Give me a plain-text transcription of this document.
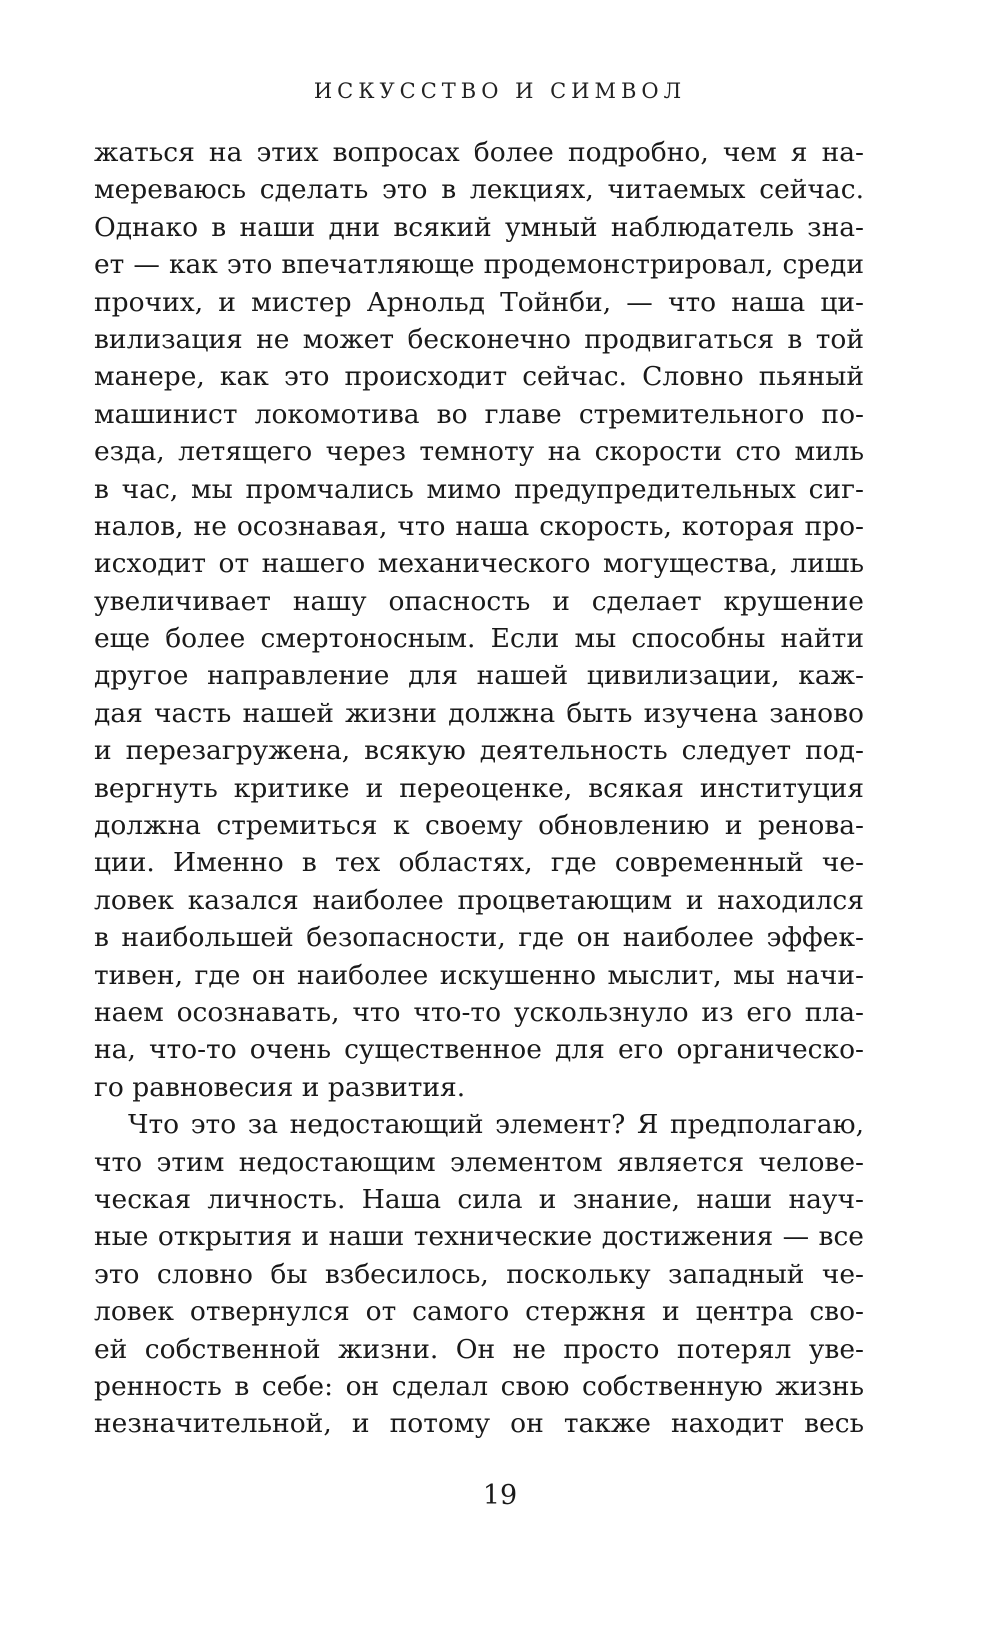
ИСКУССТВО И СИМВОЛ
жаться на этих вопросах более подробно, чем я на-
мереваюсь сделать это в лекциях, читаемых сейчас.
Однако в наши дни всякий умный наблюдатель зна-
ет — как это впечатляюще продемонстрировал, среди
прочих, и мистер Арнольд Тойнби, — что наша ци-
вилизация не может бесконечно продвигаться в той
манере, как это происходит сейчас. Словно пьяный
машинист локомотива во главе стремительного по-
езда, летящего через темноту на скорости сто миль
в час, мы промчались мимо предупредительных сиг-
налов, не осознавая, что наша скорость, которая про-
исходит от нашего механического могущества, лишь
увеличивает нашу опасность и сделает крушение
еще более смертоносным. Если мы способны найти
другое направление для нашей цивилизации, каж-
дая часть нашей жизни должна быть изучена заново
и перезагружена, всякую деятельность следует под-
вергнуть критике и переоценке, всякая институция
должна стремиться к своему обновлению и ренова-
ции. Именно в тех областях, где современный че-
ловек казался наиболее процветающим и находился
в наибольшей безопасности, где он наиболее эффек-
тивен, где он наиболее искушенно мыслит, мы начи-
наем осознавать, что что-то ускользнуло из его пла-
на, что-то очень существенное для его органическо-
го равновесия и развития.
Что это за недостающий элемент? Я предполагаю,
что этим недостающим элементом является челове-
ческая личность. Наша сила и знание, наши науч-
ные открытия и наши технические достижения — все
это словно бы взбесилось, поскольку западный че-
ловек отвернулся от самого стержня и центра сво-
ей собственной жизни. Он не просто потерял уве-
ренность в себе: он сделал свою собственную жизнь
незначительной, и потому он также находит весь
19
